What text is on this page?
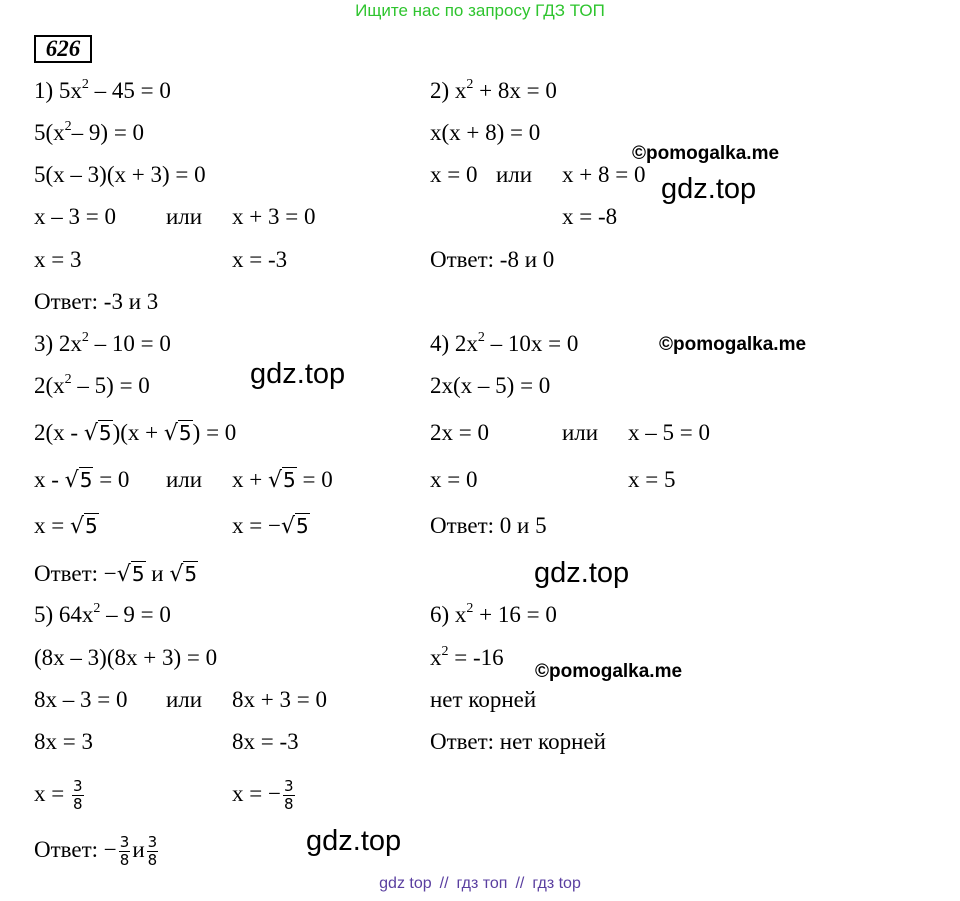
Ищите нас по запросу ГДЗ ТОП
626
1) $5x^2 - 45 = 0$
$5(x^2-$ 9) = 0
5(x – 3)(x + 3) = 0
x – 3 = 0 или x + 3 = 0
x = 3	x = -3
Ответ: -3 и 3
2) $x^2 + 8x = 0$
x(x + 8) = 0
x = 0 или x + 8 = 0
x = -8
Ответ: -8 и 0
3) $2x^2 - 10 = 0$
$2(x^2 - 5) = 0$
2(x - √5)(x + √5) = 0
x - √5 = 0 или x + √5 = 0
x = √5	x = −√5
Ответ: −√5 и √5
4) $2x^2 - 10x = 0$
2x(x – 5) = 0
2x = 0	или x – 5 = 0
x = 0	x = 5
Ответ: 0 и 5
5) $64x^2 - 9 = 0$
(8x – 3)(8x + 3) = 0
8x – 3 = 0 или 8x + 3 = 0
8x = 3	8x = -3
$x = \frac{3}{8}$	x = − $\frac{3}{8}$
Ответ: − $\frac{3}{8}$ и $\frac{3}{8}$
6) $x^2 + 16 = 0$
$x^2 = -16$
нет корней
Ответ: нет корней
gdz.top
gdz.top
gdz.top
gdz.top
©pomogalka.me
©pomogalka.me
©pomogalka.me
gdz top // гдз топ // гдз top
